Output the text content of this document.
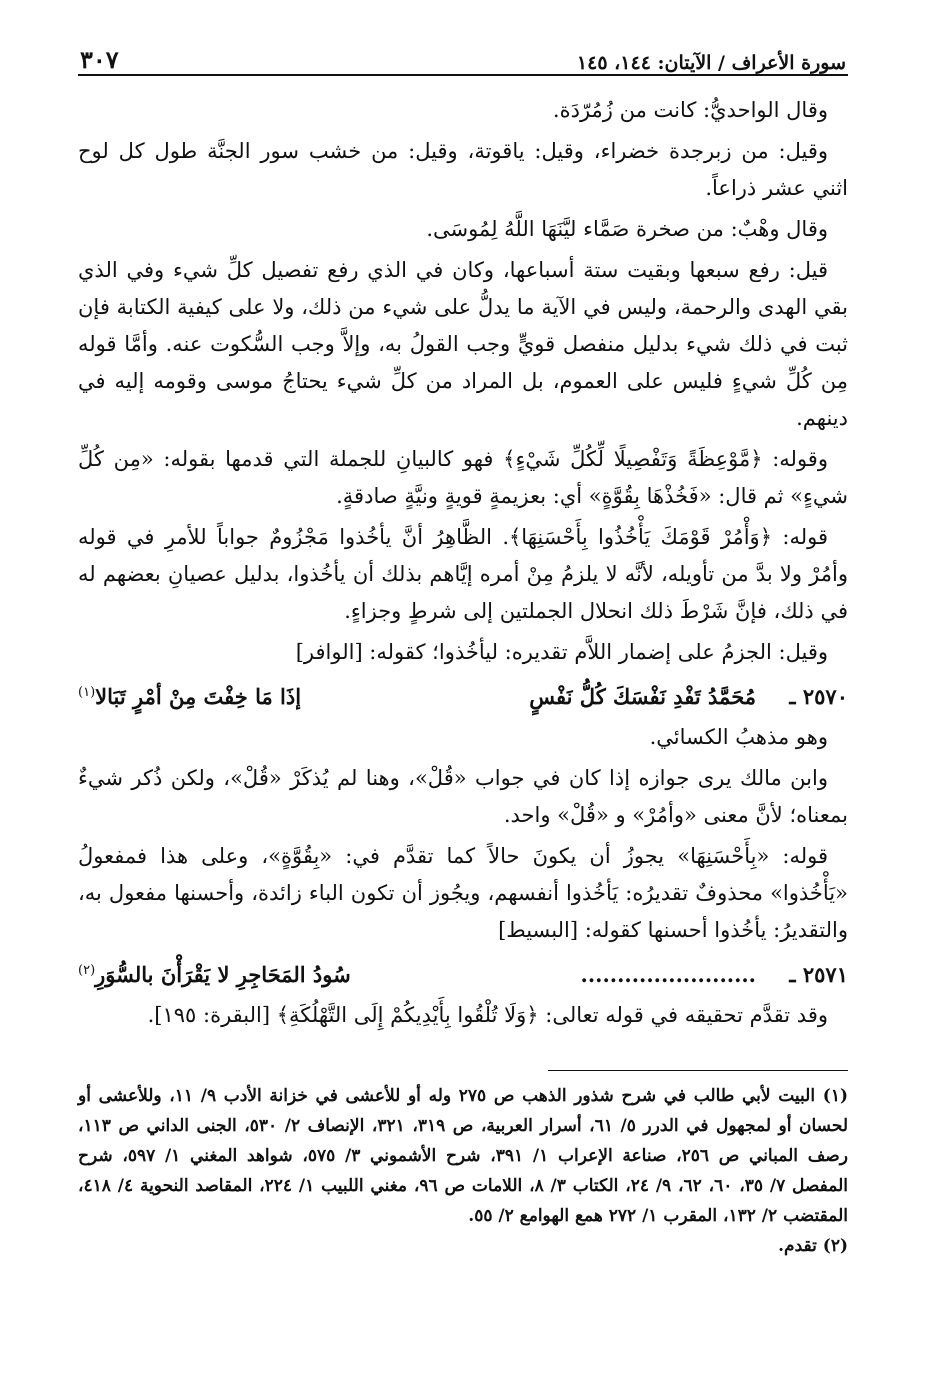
سورة الأعراف / الآيتان: ١٤٤، ١٤٥
٣٠٧

وقال الواحديُّ: كانت من زُمُرّدَة.

وقيل: من زبرجدة خضراء، وقيل: ياقوتة، وقيل: من خشب سور الجنَّة طول كل لوح اثني عشر ذراعاً.

وقال وهْبٌ: من صخرة صَمَّاء ليَّنَهَا اللَّهُ لِمُوسَى.

قيل: رفع سبعها وبقيت ستة أسباعها، وكان في الذي رفع تفصيل كلِّ شيء وفي الذي بقي الهدى والرحمة، وليس في الآية ما يدلُّ على شيء من ذلك، ولا على كيفية الكتابة فإن ثبت في ذلك شيء بدليل منفصل قويٍّ وجب القولُ به، وإلاَّ وجب السُّكوت عنه. وأمَّا قوله مِن كُلِّ شيءٍ فليس على العموم، بل المراد من كلِّ شيء يحتاجُ موسى وقومه إليه في دينهم.

وقوله: ﴿مَّوْعِظَةً وَتَفْصِيلًا لِّكُلِّ شَيْءٍ﴾ فهو كالبيانِ للجملة التي قدمها بقوله: «مِن كُلِّ شيءٍ» ثم قال: «فَخُذْهَا بِقُوَّةٍ» أي: بعزيمةٍ قويةٍ ونيَّةٍ صادقةٍ.

قوله: ﴿وَأْمُرْ قَوْمَكَ يَأْخُذُوا بِأَحْسَنِهَا﴾. الظَّاهِرُ أنَّ يأخُذوا مَجْزُومٌ جواباً للأمرِ في قوله وأمُرْ ولا بدَّ من تأويله، لأنَّه لا يلزمُ مِنْ أمره إيَّاهم بذلك أن يأخُذوا، بدليل عصيانِ بعضهم له في ذلك، فإنَّ شَرْطَ ذلك انحلال الجملتين إلى شرطٍ وجزاءٍ.

وقيل: الجزمُ على إضمار اللاَّم تقديره: ليأخُذوا؛ كقوله: [الوافر]

٢٥٧٠ ـ
مُحَمَّدُ تَفْدِ نَفْسَكَ كُلُّ نَفْسٍ
إذَا مَا خِفْتَ مِنْ أمْرٍ تَبَالا$^{(١)}$

وهو مذهبُ الكسائي.

وابن مالك يرى جوازه إذا كان في جواب «قُلْ»، وهنا لم يُذكَرْ «قُلْ»، ولكن ذُكر شيءٌ بمعناه؛ لأنَّ معنى «وأمُرْ» و «قُلْ» واحد.

قوله: «بِأَحْسَنِهَا» يجوزُ أن يكونَ حالاً كما تقدَّم في: «بِقُوَّةٍ»، وعلى هذا فمفعولُ «يَأْخُذوا» محذوفٌ تقديرُه: يَأخُذوا أنفسهم، ويجُوز أن تكون الباء زائدة، وأحسنها مفعول به، والتقديرُ: يأخُذوا أحسنها كقوله: [البسيط]

٢٥٧١ ـ
........................
سُودُ المَحَاجِرِ لا يَقْرَأْنَ بالسُّوَرِ$^{(٢)}$

وقد تقدَّم تحقيقه في قوله تعالى: ﴿وَلَا تُلْقُوا بِأَيْدِيكُمْ إِلَى التَّهْلُكَةِ﴾ [البقرة: ١٩٥].

(١) البيت لأبي طالب في شرح شذور الذهب ص ٢٧٥ وله أو للأعشى في خزانة الأدب ٩/ ١١، وللأعشى أو لحسان أو لمجهول في الدرر ٥/ ٦١، أسرار العربية، ص ٣١٩، ٣٢١، الإنصاف ٢/ ٥٣٠، الجنى الداني ص ١١٣، رصف المباني ص ٢٥٦، صناعة الإعراب ١/ ٣٩١، شرح الأشموني ٣/ ٥٧٥، شواهد المغني ١/ ٥٩٧، شرح المفصل ٧/ ٣٥، ٦٠، ٦٢، ٩/ ٢٤، الكتاب ٣/ ٨، اللامات ص ٩٦، مغني اللبيب ١/ ٢٢٤، المقاصد النحوية ٤/ ٤١٨، المقتضب ٢/ ١٣٢، المقرب ١/ ٢٧٢ همع الهوامع ٢/ ٥٥.

(٢) تقدم.
